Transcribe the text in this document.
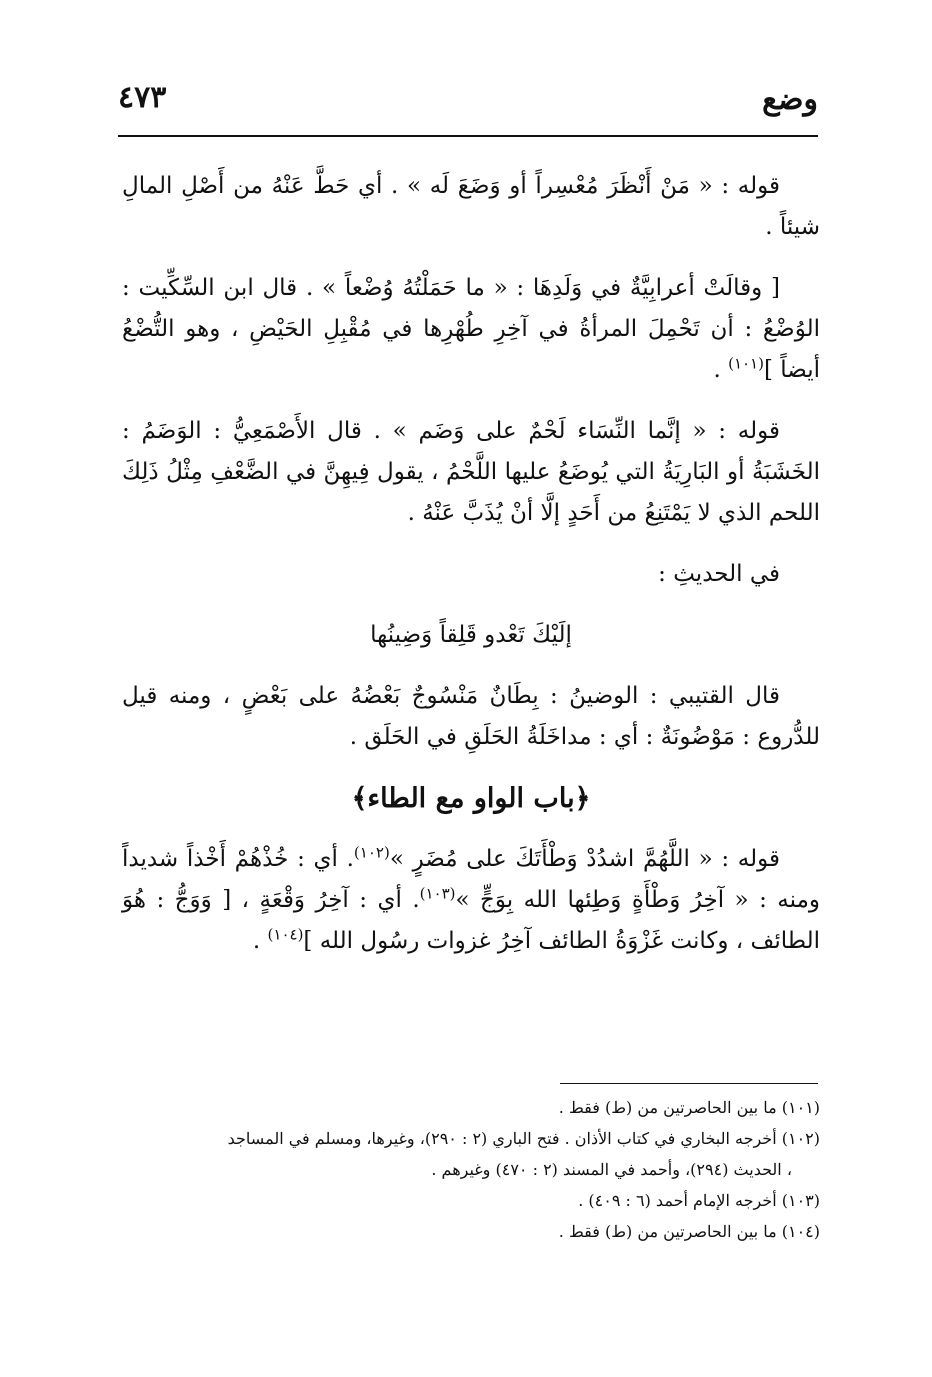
وضع
٤٧٣

قوله : « مَنْ أَنْظَرَ مُعْسِراً أو وَضَعَ لَه » . أي حَطَّ عَنْهُ من أَصْلِ المالِ شيئاً .

[ وقالَتْ أعرابِيَّةٌ في وَلَدِهَا : « ما حَمَلْتُهُ وُضْعاً » . قال ابن السِّكِّيت : الوُضْعُ : أن تَحْمِلَ المرأةُ في آخِرِ طُهْرِها في مُقْبِلِ الحَيْضِ ، وهو التُّضْعُ أيضاً ]$^{(١٠١)}$ .

قوله : « إنَّما النِّسَاء لَحْمٌ على وَضَم » . قال الأَصْمَعِيُّ : الوَضَمُ : الخَشَبَةُ أو البَارِيَةُ التي يُوضَعُ عليها اللَّحْمُ ، يقول فِيهِنَّ في الضَّعْفِ مِثْلُ ذَلِكَ اللحم الذي لا يَمْتَنِعُ من أَحَدٍ إلَّا أنْ يُذَبَّ عَنْهُ .

في الحديثِ :

إلَيْكَ تَعْدو قَلِقاً وَضِينُها

قال القتيبي : الوضينُ : بِطَانٌ مَنْسُوجٌ بَعْضُهُ على بَعْضٍ ، ومنه قيل للدُّروع : مَوْضُونَةٌ : أي : مداخَلَةُ الحَلَقِ في الحَلَق .

﴿باب الواو مع الطاء﴾

قوله : « اللَّهُمَّ اشدُدْ وَطْأَتَكَ على مُضَرٍ »$^{(١٠٢)}$. أي : خُذْهُمْ أَخْذاً شديداً ومنه : « آخِرُ وَطْأَةٍ وَطِئها الله بِوَجٍّ »$^{(١٠٣)}$. أي : آخِرُ وَقْعَةٍ ، [ وَوَجُّ : هُوَ الطائف ، وكانت غَزْوَةُ الطائف آخِرُ غزوات رسُول الله ]$^{(١٠٤)}$ .

(١٠١) ما بين الحاصرتين من (ط) فقط .

(١٠٢) أخرجه البخاري في كتاب الأذان . فتح الباري (٢ : ٢٩٠)، وغيرها، ومسلم في المساجد

، الحديث (٢٩٤)، وأحمد في المسند (٢ : ٤٧٠) وغيرهم .

(١٠٣) أخرجه الإمام أحمد (٦ : ٤٠٩) .

(١٠٤) ما بين الحاصرتين من (ط) فقط .
